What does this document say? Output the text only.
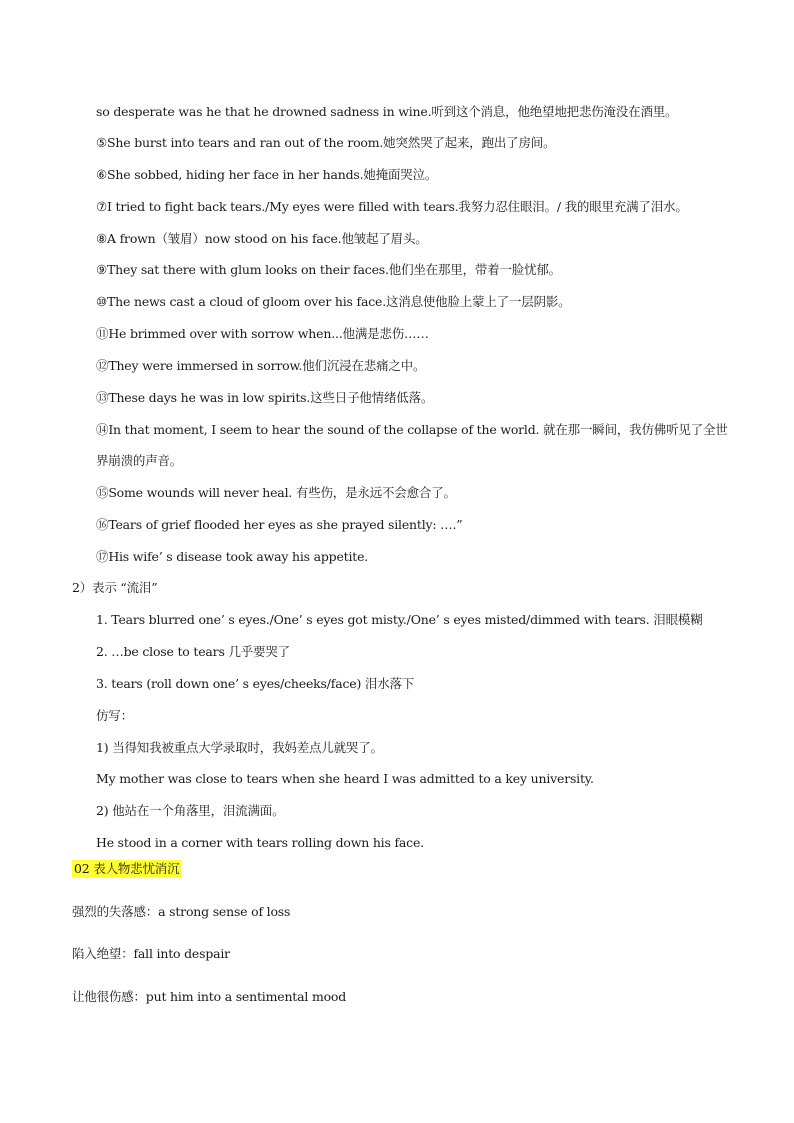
so desperate was he that he drowned sadness in wine.听到这个消息，他绝望地把悲伤淹没在酒里。
⑤She burst into tears and ran out of the room.她突然哭了起来，跑出了房间。
⑥She sobbed, hiding her face in her hands.她掩面哭泣。
⑦I tried to fight back tears./My eyes were filled with tears.我努力忍住眼泪。/ 我的眼里充满了泪水。
⑧A frown（皱眉）now stood on his face.他皱起了眉头。
⑨They sat there with glum looks on their faces.他们坐在那里，带着一脸忧郁。
⑩The news cast a cloud of gloom over his face.这消息使他脸上蒙上了一层阴影。
⑪He brimmed over with sorrow when...他满是悲伤……
⑫They were immersed in sorrow.他们沉浸在悲痛之中。
⑬These days he was in low spirits.这些日子他情绪低落。
⑭In that moment, I seem to hear the sound of the collapse of the world. 就在那一瞬间，我仿佛听见了全世
界崩溃的声音。
⑮Some wounds will never heal. 有些伤，是永远不会愈合了。
⑯Tears of grief flooded her eyes as she prayed silently: ….”
⑰His wife’ s disease took away his appetite.
2）表示 “流泪”
1. Tears blurred one’ s eyes./One’ s eyes got misty./One’ s eyes misted/dimmed with tears. 泪眼模糊
2. …be close to tears 几乎要哭了
3. tears (roll down one’ s eyes/cheeks/face) 泪水落下
仿写：
1) 当得知我被重点大学录取时，我妈差点儿就哭了。
My mother was close to tears when she heard I was admitted to a key university.
2) 他站在一个角落里，泪流满面。
He stood in a corner with tears rolling down his face.
02 表人物悲忧消沉
强烈的失落感：a strong sense of loss
陷入绝望：fall into despair
让他很伤感：put him into a sentimental mood
